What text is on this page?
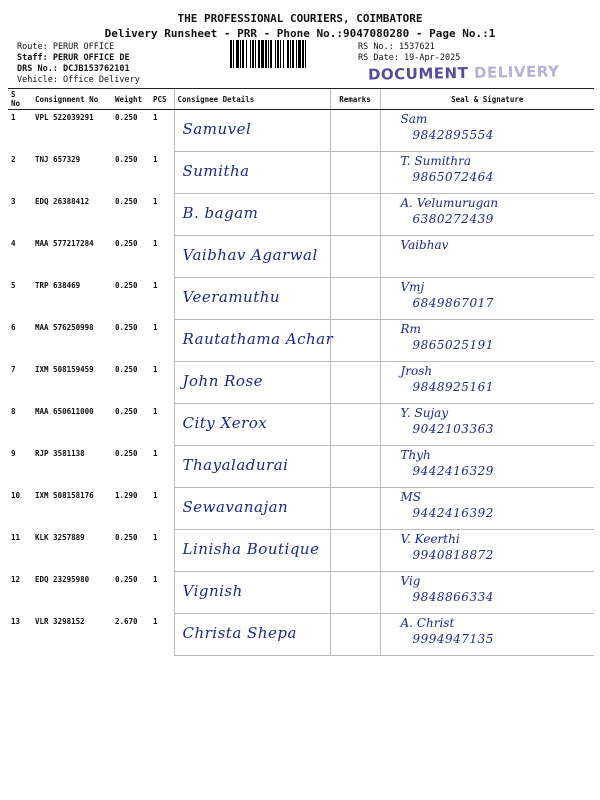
THE PROFESSIONAL COURIERS, COIMBATORE
Delivery Runsheet - PRR - Phone No.:9047080280 - Page No.:1
Route: PERUR OFFICE
Staff: PERUR OFFICE DE
DRS No.: DCJB153762101
Vehicle: Office Delivery
RS No.: 1537621
RS Date: 19-Apr-2025
DOCUMENT DELIVERY
S No	Consignment No	Weight	PCS	Consignee Details	Remarks	Seal & Signature
1	VPL 522039291	0.250	1	Samuvel		Sam
9842895554

2	TNJ 657329	0.250	1	Sumitha		T. Sumithra
9865072464

3	EDQ 26388412	0.250	1	B. bagam		A. Velumurugan
6380272439

4	MAA 577217284	0.250	1	Vaibhav Agarwal		Vaibhav

5	TRP 638469	0.250	1	Veeramuthu		Vmj
6849867017

6	MAA 576250998	0.250	1	Rautathama Achar		Rm
9865025191

7	IXM 508159459	0.250	1	John Rose		Jrosh
9848925161

8	MAA 650611000	0.250	1	City Xerox		Y. Sujay
9042103363

9	RJP 3581138	0.250	1	Thayaladurai		Thyh
9442416329

10	IXM 508158176	1.290	1	Sewavanajan		MS
9442416392

11	KLK 3257889	0.250	1	Linisha Boutique		V. Keerthi
9940818872

12	EDQ 23295980	0.250	1	Vignish		Vig
9848866334

13	VLR 3298152	2.670	1	Christa Shepa		A. Christ
9994947135
